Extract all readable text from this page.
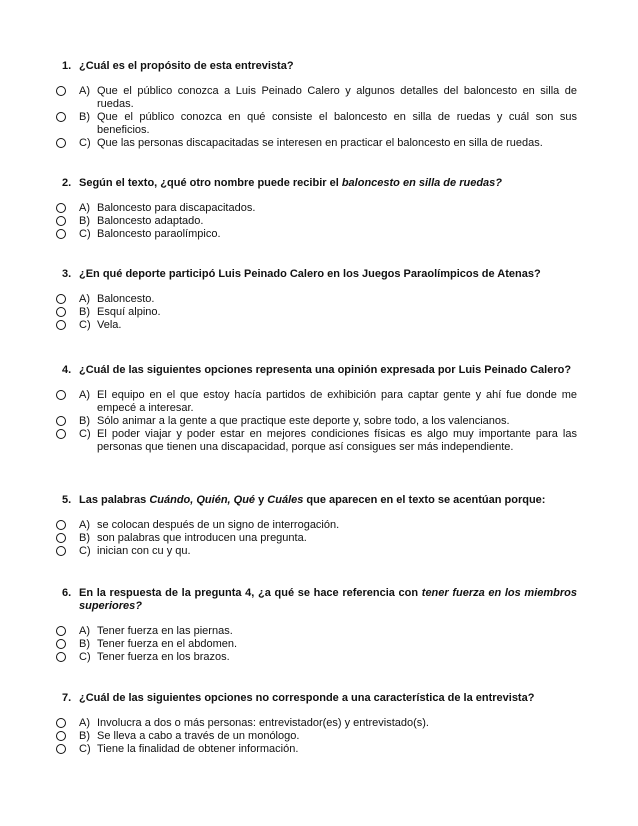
1. ¿Cuál es el propósito de esta entrevista?
A) Que el público conozca a Luis Peinado Calero y algunos detalles del baloncesto en silla de ruedas.
B) Que el público conozca en qué consiste el baloncesto en silla de ruedas y cuál son sus beneficios.
C) Que las personas discapacitadas se interesen en practicar el baloncesto en silla de ruedas.
2. Según el texto, ¿qué otro nombre puede recibir el baloncesto en silla de ruedas?
A) Baloncesto para discapacitados.
B) Baloncesto adaptado.
C) Baloncesto paraolímpico.
3. ¿En qué deporte participó Luis Peinado Calero en los Juegos Paraolímpicos de Atenas?
A) Baloncesto.
B) Esquí alpino.
C) Vela.
4. ¿Cuál de las siguientes opciones representa una opinión expresada por Luis Peinado Calero?
A) El equipo en el que estoy hacía partidos de exhibición para captar gente y ahí fue donde me empecé a interesar.
B) Sólo animar a la gente a que practique este deporte y, sobre todo, a los valencianos.
C) El poder viajar y poder estar en mejores condiciones físicas es algo muy importante para las personas que tienen una discapacidad, porque así consigues ser más independiente.
5. Las palabras Cuándo, Quién, Qué y Cuáles que aparecen en el texto se acentúan porque:
A) se colocan después de un signo de interrogación.
B) son palabras que introducen una pregunta.
C) inician con cu y qu.
6. En la respuesta de la pregunta 4, ¿a qué se hace referencia con tener fuerza en los miembros superiores?
A) Tener fuerza en las piernas.
B) Tener fuerza en el abdomen.
C) Tener fuerza en los brazos.
7. ¿Cuál de las siguientes opciones no corresponde a una característica de la entrevista?
A) Involucra a dos o más personas: entrevistador(es) y entrevistado(s).
B) Se lleva a cabo a través de un monólogo.
C) Tiene la finalidad de obtener información.
